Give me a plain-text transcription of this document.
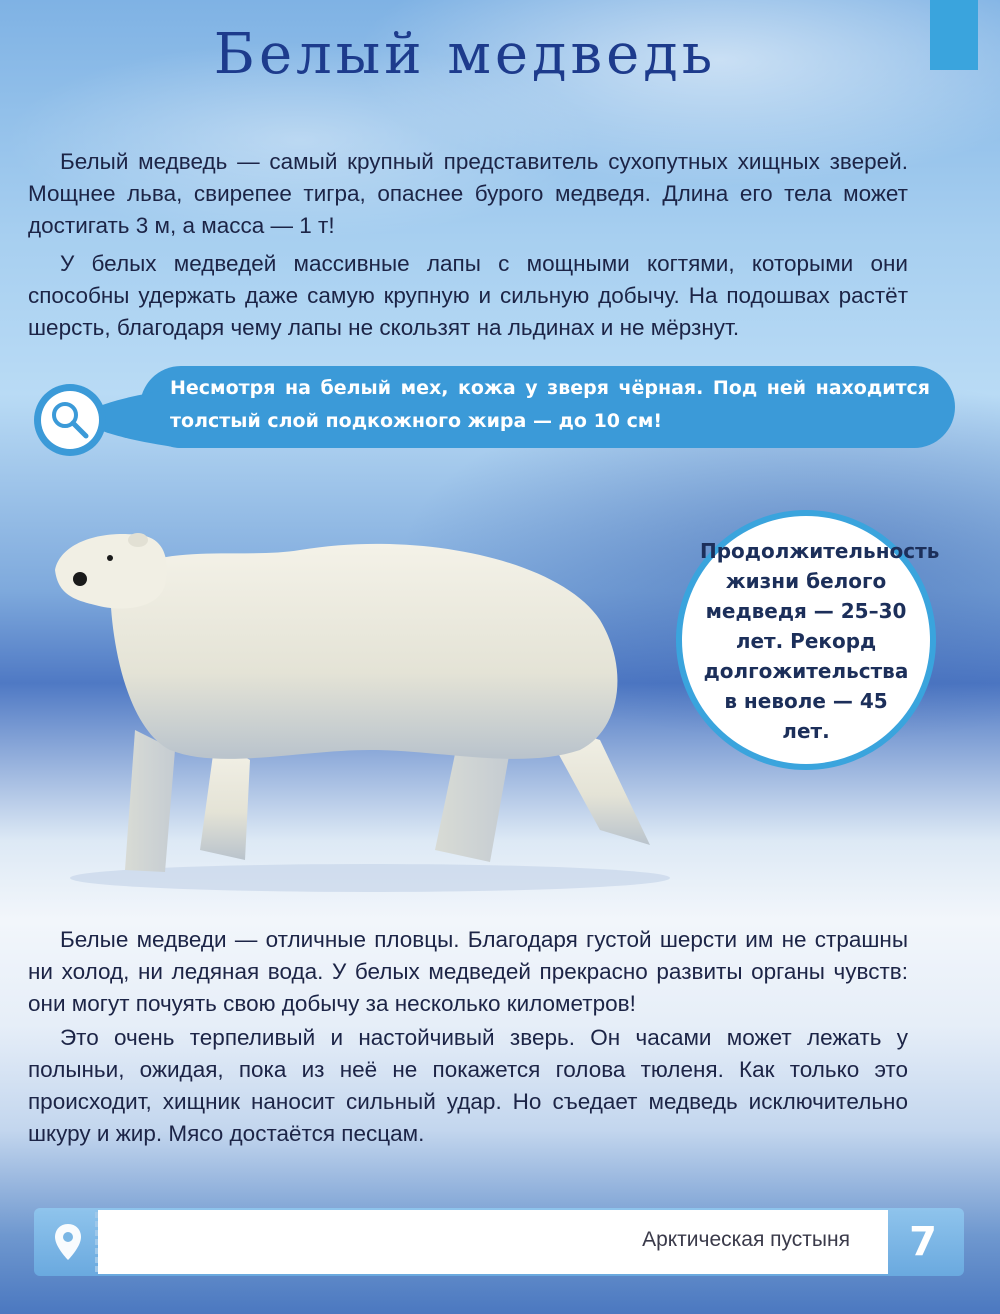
Белый медведь

Белый медведь — самый крупный представитель сухопутных хищных зверей. Мощнее льва, свирепее тигра, опаснее бурого медведя. Длина его тела может достигать 3 м, а масса — 1 т!

У белых медведей массивные лапы с мощными когтями, которыми они способны удержать даже самую крупную и сильную добычу. На подошвах растёт шерсть, благодаря чему лапы не скользят на льдинах и не мёрзнут.

Несмотря на белый мех, кожа у зверя чёрная. Под ней находится толстый слой подкожного жира — до 10 см!

Продолжительность жизни белого медведя — 25–30 лет. Рекорд долгожительства в неволе — 45 лет.

Белые медведи — отличные пловцы. Благодаря густой шерсти им не страшны ни холод, ни ледяная вода. У белых медведей прекрасно развиты органы чувств: они могут почуять свою добычу за несколько километров!

Это очень терпеливый и настойчивый зверь. Он часами может лежать у полыньи, ожидая, пока из неё не покажется голова тюленя. Как только это происходит, хищник наносит сильный удар. Но съедает медведь исключительно шкуру и жир. Мясо достаётся песцам.

Арктическая пустыня	7
